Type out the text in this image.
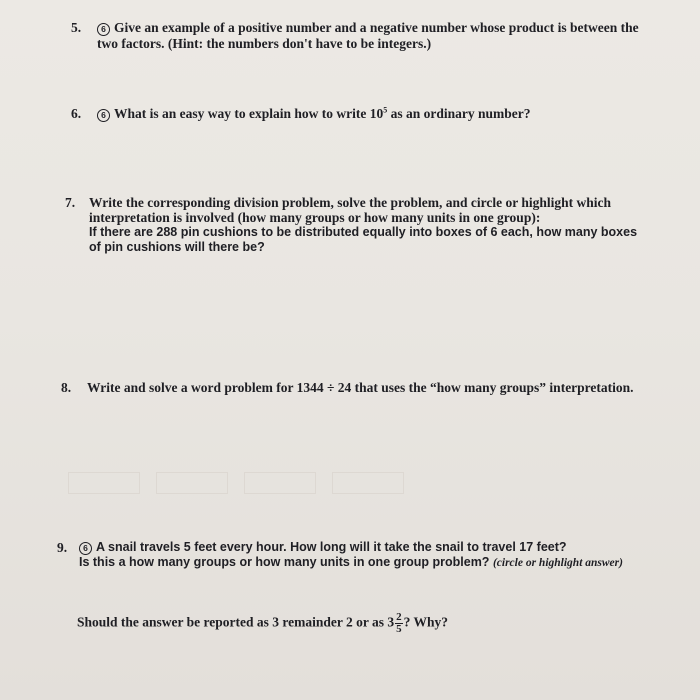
5.	6 Give an example of a positive number and a negative number whose product is between the
two factors. (Hint: the numbers don't have to be integers.)
6.	6 What is an easy way to explain how to write $10^5$ as an ordinary number?
7.	Write the corresponding division problem, solve the problem, and circle or highlight which
interpretation is involved (how many groups or how many units in one group):
If there are 288 pin cushions to be distributed equally into boxes of 6 each, how many boxes
of pin cushions will there be?
8.	Write and solve a word problem for 1344 ÷ 24 that uses the “how many groups” interpretation.
9.	6 A snail travels 5 feet every hour. How long will it take the snail to travel 17 feet?
Is this a how many groups or how many units in one group problem? (circle or highlight answer)
Should the answer be reported as 3 remainder 2 or as $3 \frac{2}{5}$ ? Why?
